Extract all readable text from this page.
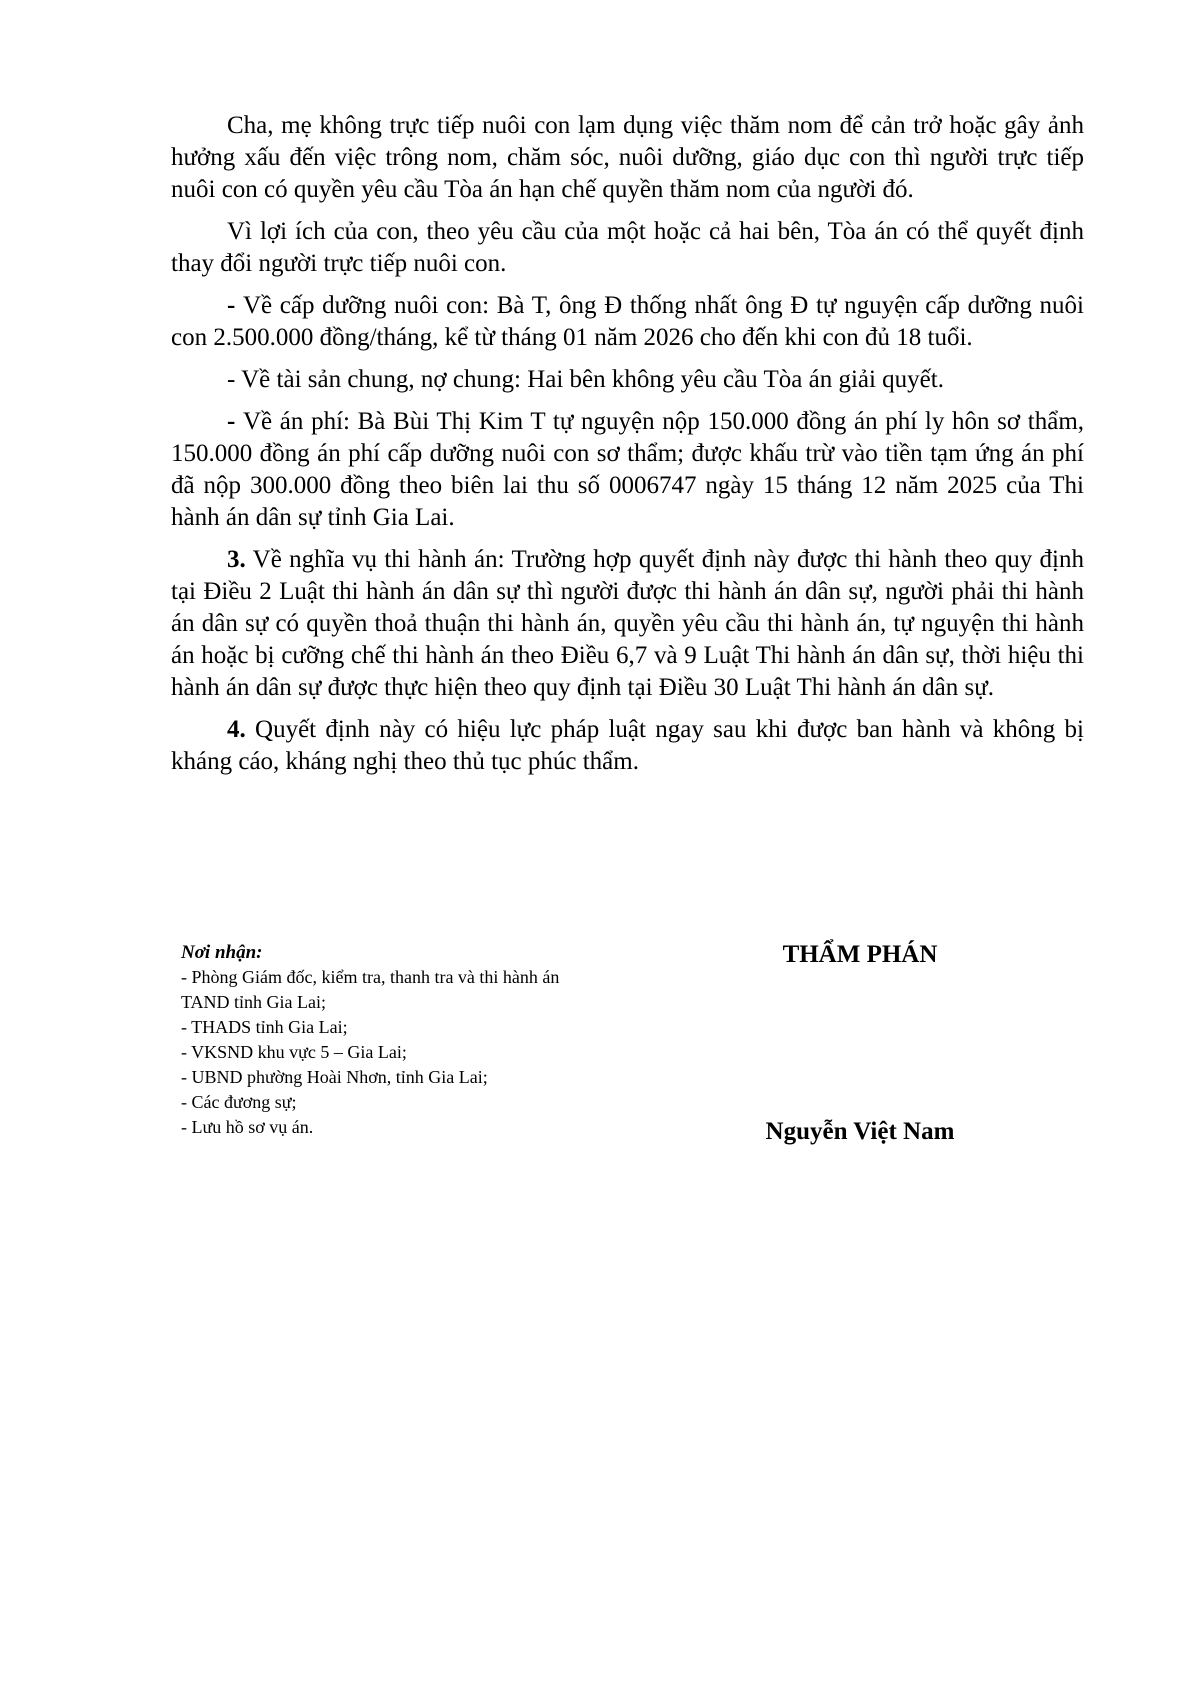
Cha, mẹ không trực tiếp nuôi con lạm dụng việc thăm nom để cản trở hoặc gây ảnh hưởng xấu đến việc trông nom, chăm sóc, nuôi dưỡng, giáo dục con thì người trực tiếp nuôi con có quyền yêu cầu Tòa án hạn chế quyền thăm nom của người đó.

Vì lợi ích của con, theo yêu cầu của một hoặc cả hai bên, Tòa án có thể quyết định thay đổi người trực tiếp nuôi con.

- Về cấp dưỡng nuôi con: Bà T, ông Đ thống nhất ông Đ tự nguyện cấp dưỡng nuôi con 2.500.000 đồng/tháng, kể từ tháng 01 năm 2026 cho đến khi con đủ 18 tuổi.

- Về tài sản chung, nợ chung: Hai bên không yêu cầu Tòa án giải quyết.

- Về án phí: Bà Bùi Thị Kim T tự nguyện nộp 150.000 đồng án phí ly hôn sơ thẩm, 150.000 đồng án phí cấp dưỡng nuôi con sơ thẩm; được khấu trừ vào tiền tạm ứng án phí đã nộp 300.000 đồng theo biên lai thu số 0006747 ngày 15 tháng 12 năm 2025 của Thi hành án dân sự tỉnh Gia Lai.

3. Về nghĩa vụ thi hành án: Trường hợp quyết định này được thi hành theo quy định tại Điều 2 Luật thi hành án dân sự thì người được thi hành án dân sự, người phải thi hành án dân sự có quyền thoả thuận thi hành án, quyền yêu cầu thi hành án, tự nguyện thi hành án hoặc bị cưỡng chế thi hành án theo Điều 6,7 và 9 Luật Thi hành án dân sự, thời hiệu thi hành án dân sự được thực hiện theo quy định tại Điều 30 Luật Thi hành án dân sự.

4. Quyết định này có hiệu lực pháp luật ngay sau khi được ban hành và không bị kháng cáo, kháng nghị theo thủ tục phúc thẩm.

Nơi nhận:
- Phòng Giám đốc, kiểm tra, thanh tra và thi hành án TAND tỉnh Gia Lai;
- THADS tỉnh Gia Lai;
- VKSND khu vực 5 – Gia Lai;
- UBND phường Hoài Nhơn, tỉnh Gia Lai;
- Các đương sự;
- Lưu hồ sơ vụ án.
THẨM PHÁN
Nguyễn Việt Nam
